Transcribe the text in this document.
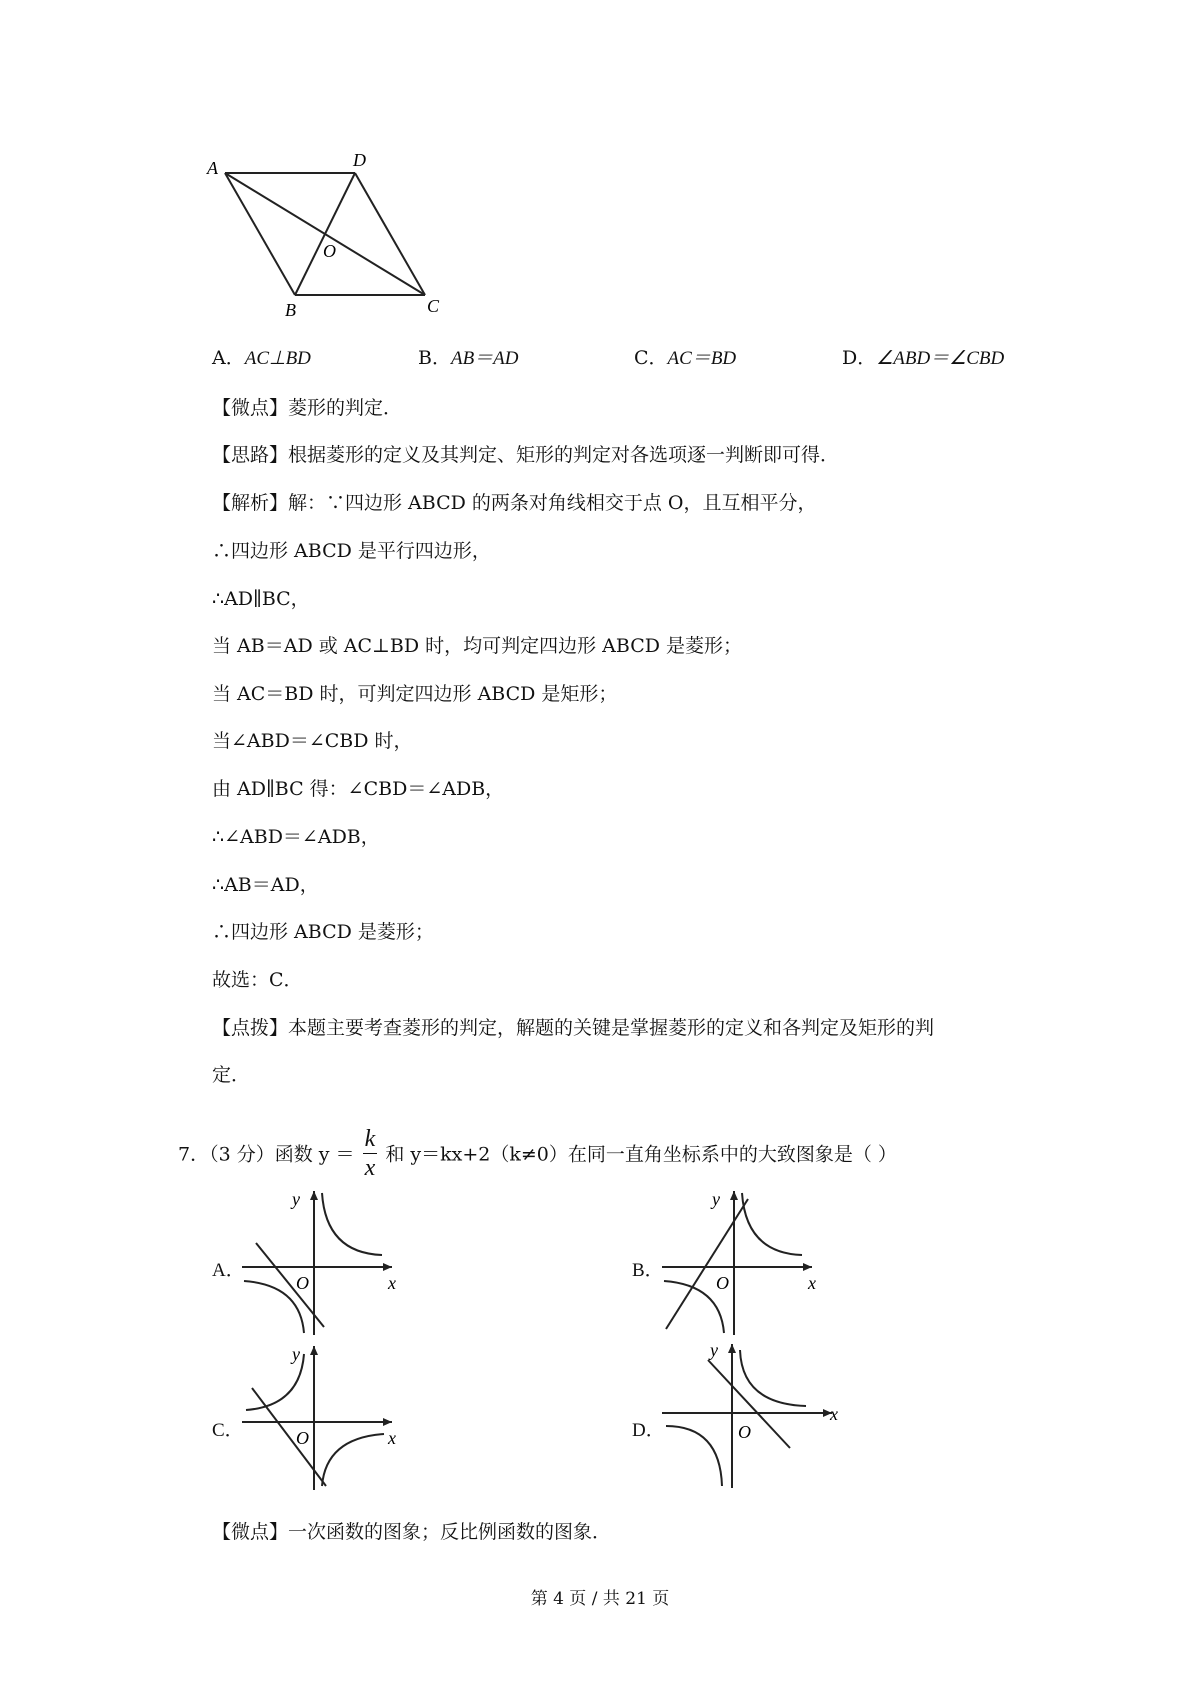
A	D
B	C
O
A．AC⊥BD	B．AB＝AD	C．AC＝BD	D．∠ABD＝∠CBD
【微点】菱形的判定．
【思路】根据菱形的定义及其判定、矩形的判定对各选项逐一判断即可得．
【解析】解：∵四边形 ABCD 的两条对角线相交于点 O，且互相平分，
∴四边形 ABCD 是平行四边形，
∴AD∥BC，
当 AB＝AD 或 AC⊥BD 时，均可判定四边形 ABCD 是菱形；
当 AC＝BD 时，可判定四边形 ABCD 是矩形；
当∠ABD＝∠CBD 时，
由 AD∥BC 得：∠CBD＝∠ADB，
∴∠ABD＝∠ADB，
∴AB＝AD，
∴四边形 ABCD 是菱形；
故选：C．
【点拨】本题主要考查菱形的判定，解题的关键是掌握菱形的定义和各判定及矩形的判
定．
7．（3 分）函数 $y = \frac{k}{x}$ 和 y＝kx+2（k≠0）在同一直角坐标系中的大致图象是（ ）
A．	B．
C．	D．
y
x
O
y
x
O
y
x
O
y
x
O
【微点】一次函数的图象；反比例函数的图象．
第 4 页 / 共 21 页
